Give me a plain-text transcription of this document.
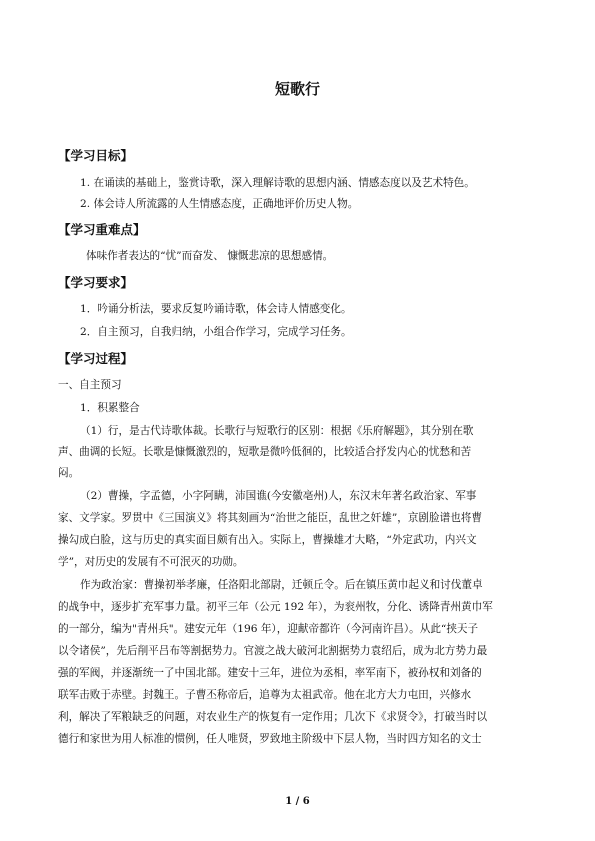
短歌行
【学习目标】
1. 在诵读的基础上，鉴赏诗歌，深入理解诗歌的思想内涵、情感态度以及艺术特色。
2. 体会诗人所流露的人生情感态度，正确地评价历史人物。
【学习重难点】
体味作者表达的“忧”而奋发、 慷慨悲凉的思想感情。
【学习要求】
1．吟诵分析法，要求反复吟诵诗歌，体会诗人情感变化。
2．自主预习，自我归纳，小组合作学习，完成学习任务。
【学习过程】
一、自主预习
1．积累整合
（1）行，是古代诗歌体裁。长歌行与短歌行的区别：根据《乐府解题》，其分别在歌
声、曲调的长短。长歌是慷慨激烈的，短歌是微吟低徊的，比较适合抒发内心的忧愁和苦
闷。
（2）曹操，字孟德，小字阿瞒，沛国谯(今安徽亳州)人，东汉末年著名政治家、军事
家、文学家。罗贯中《三国演义》将其刻画为“治世之能臣，乱世之奸雄”，京剧脸谱也将曹
操勾成白脸，这与历史的真实面目颇有出入。实际上，曹操雄才大略，“外定武功，内兴文
学”，对历史的发展有不可泯灭的功勋。
作为政治家：曹操初举孝廉，任洛阳北部尉，迁顿丘令。后在镇压黄巾起义和讨伐董卓
的战争中，逐步扩充军事力量。初平三年（公元 192 年），为衮州牧，分化、诱降青州黄巾军
的一部分，编为"青州兵"。建安元年（196 年），迎献帝都许（今河南许昌）。从此“挟天子
以令诸侯”，先后削平吕布等割据势力。官渡之战大破河北割据势力袁绍后，成为北方势力最
强的军阀，并逐渐统一了中国北部。建安十三年，进位为丞相，率军南下，被孙权和刘备的
联军击败于赤壁。封魏王。子曹丕称帝后，追尊为太祖武帝。他在北方大力屯田，兴修水
利，解决了军粮缺乏的问题，对农业生产的恢复有一定作用；几次下《求贤令》，打破当时以
德行和家世为用人标准的惯例，任人唯贤，罗致地主阶级中下层人物，当时四方知名的文士
1 / 6
